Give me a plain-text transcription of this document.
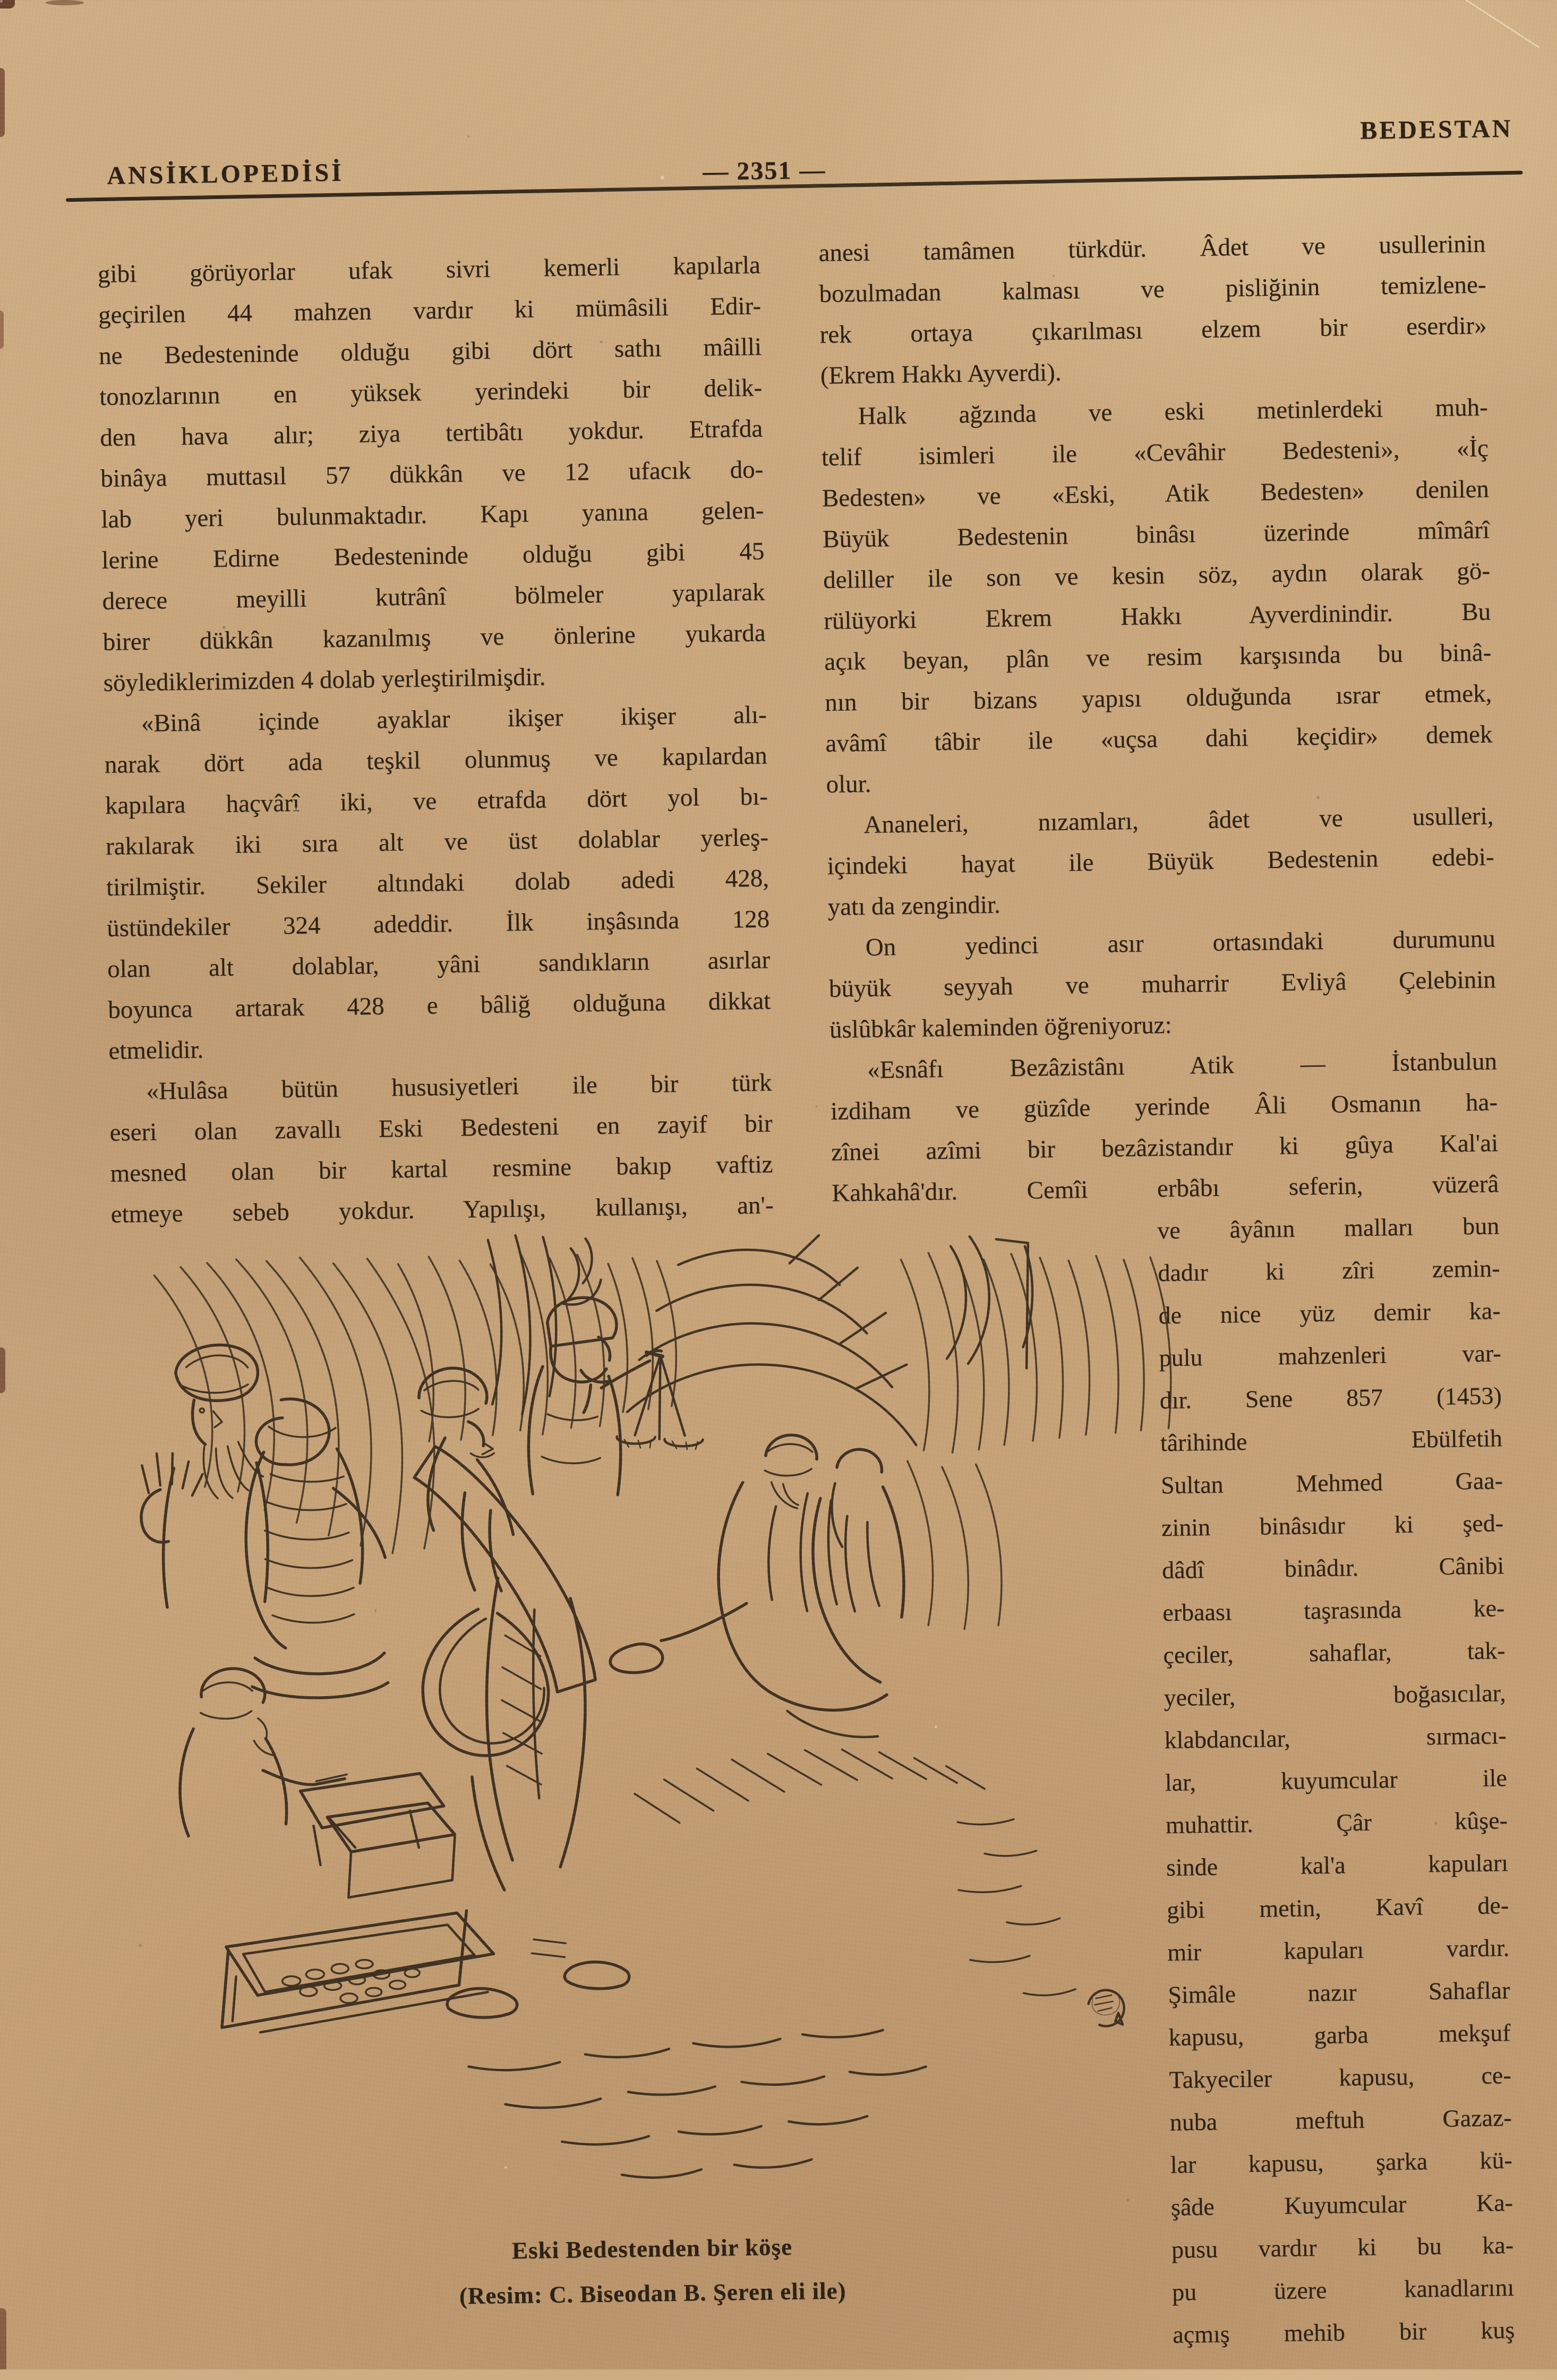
ANSİKLOPEDİSİ	— 2351 —
BEDESTAN
gibi görüyorlar ufak sivri kemerli kapılarla
geçirilen 44 mahzen vardır ki mümâsili Edir-
ne Bedesteninde olduğu gibi dört sathı mâilli
tonozlarının en yüksek yerindeki bir delik-
den hava alır; ziya tertibâtı yokdur. Etrafda
binâya muttasıl 57 dükkân ve 12 ufacık do-
lab yeri bulunmaktadır. Kapı yanına gelen-
lerine Edirne Bedesteninde olduğu gibi 45
derece meyilli kutrânî bölmeler yapılarak
birer dükkân kazanılmış ve önlerine yukarda
söylediklerimizden 4 dolab yerleştirilmişdir.
«Binâ içinde ayaklar ikişer ikişer alı-
narak dört ada teşkil olunmuş ve kapılardan
kapılara haçvârî iki, ve etrafda dört yol bı-
rakılarak iki sıra alt ve üst dolablar yerleş-
tirilmiştir. Sekiler altındaki dolab adedi 428,
üstündekiler 324 adeddir. İlk inşâsında 128
olan alt dolablar, yâni sandıkların asırlar
boyunca artarak 428 e bâliğ olduğuna dikkat
etmelidir.
«Hulâsa bütün hususiyetleri ile bir türk
eseri olan zavallı Eski Bedesteni en zayif bir
mesned olan bir kartal resmine bakıp vaftiz
etmeye sebeb yokdur. Yapılışı, kullanışı, an'-
anesi tamâmen türkdür. Âdet ve usullerinin
bozulmadan kalması ve pisliğinin temizlene-
rek ortaya çıkarılması elzem bir eserdir»
(Ekrem Hakkı Ayverdi).
Halk ağzında ve eski metinlerdeki muh-
telif isimleri ile «Cevâhir Bedesteni», «İç
Bedesten» ve «Eski, Atik Bedesten» denilen
Büyük Bedestenin binâsı üzerinde mîmârî
deliller ile son ve kesin söz, aydın olarak gö-
rülüyorki Ekrem Hakkı Ayverdinindir. Bu
açık beyan, plân ve resim karşısında bu binâ-
nın bir bizans yapısı olduğunda ısrar etmek,
avâmî tâbir ile «uçsa dahi keçidir» demek
olur.
Ananeleri, nızamları, âdet ve usulleri,
içindeki hayat ile Büyük Bedestenin edebi-
yatı da zengindir.
On yedinci asır ortasındaki durumunu
büyük seyyah ve muharrir Evliyâ Çelebinin
üslûbkâr kaleminden öğreniyoruz:
«Esnâfı Bezâzistânı Atik — İstanbulun
izdiham ve güzîde yerinde Âli Osmanın ha-
zînei azîmi bir bezâzistandır ki gûya Kal'ai
Kahkahâ'dır. Cemîi erbâbı seferin, vüzerâ
ve âyânın malları bun
dadır ki zîri zemin-
de nice yüz demir ka-
pulu mahzenleri var-
dır. Sene 857 (1453)
târihinde Ebülfetih
Sultan Mehmed Gaa-
zinin binâsıdır ki şed-
dâdî binâdır. Cânibi
erbaası taşrasında ke-
çeciler, sahaflar, tak-
yeciler, boğasıcılar,
klabdancılar, sırmacı-
lar, kuyumcular ile
muhattir. Çâr kûşe-
sinde kal'a kapuları
gibi metin, Kavî de-
mir kapuları vardır.
Şimâle nazır Sahaflar
kapusu, garba mekşuf
Takyeciler kapusu, ce-
nuba meftuh Gazaz-
lar kapusu, şarka kü-
şâde Kuyumcular Ka-
pusu vardır ki bu ka-
pu üzere kanadlarını
açmış mehib bir kuş
Eski Bedestenden bir köşe
(Resim: C. Biseodan B. Şeren eli ile)
